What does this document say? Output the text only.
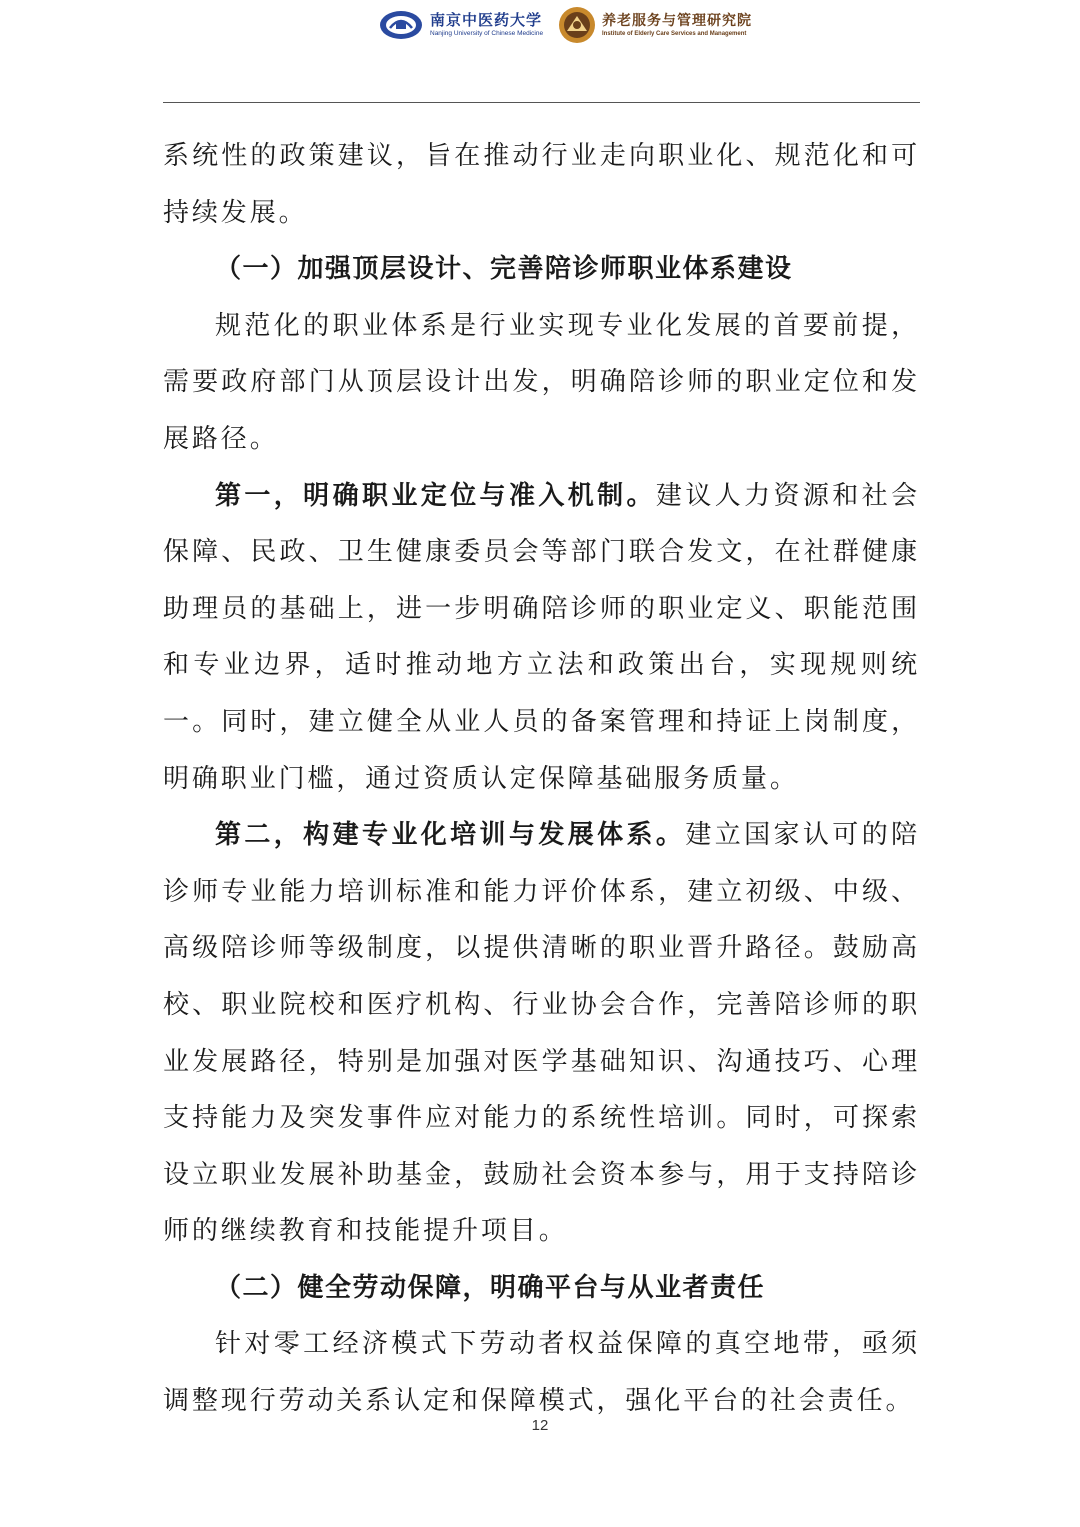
南京中医药大学
Nanjing University of Chinese Medicine
养老服务与管理研究院
Institute of Elderly Care Services and Management

系统性的政策建议，旨在推动行业走向职业化、规范化和可持续发展。

（一）加强顶层设计、完善陪诊师职业体系建设

规范化的职业体系是行业实现专业化发展的首要前提，需要政府部门从顶层设计出发，明确陪诊师的职业定位和发展路径。

第一，明确职业定位与准入机制。建议人力资源和社会保障、民政、卫生健康委员会等部门联合发文，在社群健康助理员的基础上，进一步明确陪诊师的职业定义、职能范围和专业边界，适时推动地方立法和政策出台，实现规则统一。同时，建立健全从业人员的备案管理和持证上岗制度，明确职业门槛，通过资质认定保障基础服务质量。

第二，构建专业化培训与发展体系。建立国家认可的陪诊师专业能力培训标准和能力评价体系，建立初级、中级、高级陪诊师等级制度，以提供清晰的职业晋升路径。鼓励高校、职业院校和医疗机构、行业协会合作，完善陪诊师的职业发展路径，特别是加强对医学基础知识、沟通技巧、心理支持能力及突发事件应对能力的系统性培训。同时，可探索设立职业发展补助基金，鼓励社会资本参与，用于支持陪诊师的继续教育和技能提升项目。

（二）健全劳动保障，明确平台与从业者责任

针对零工经济模式下劳动者权益保障的真空地带，亟须调整现行劳动关系认定和保障模式，强化平台的社会责任。

12
